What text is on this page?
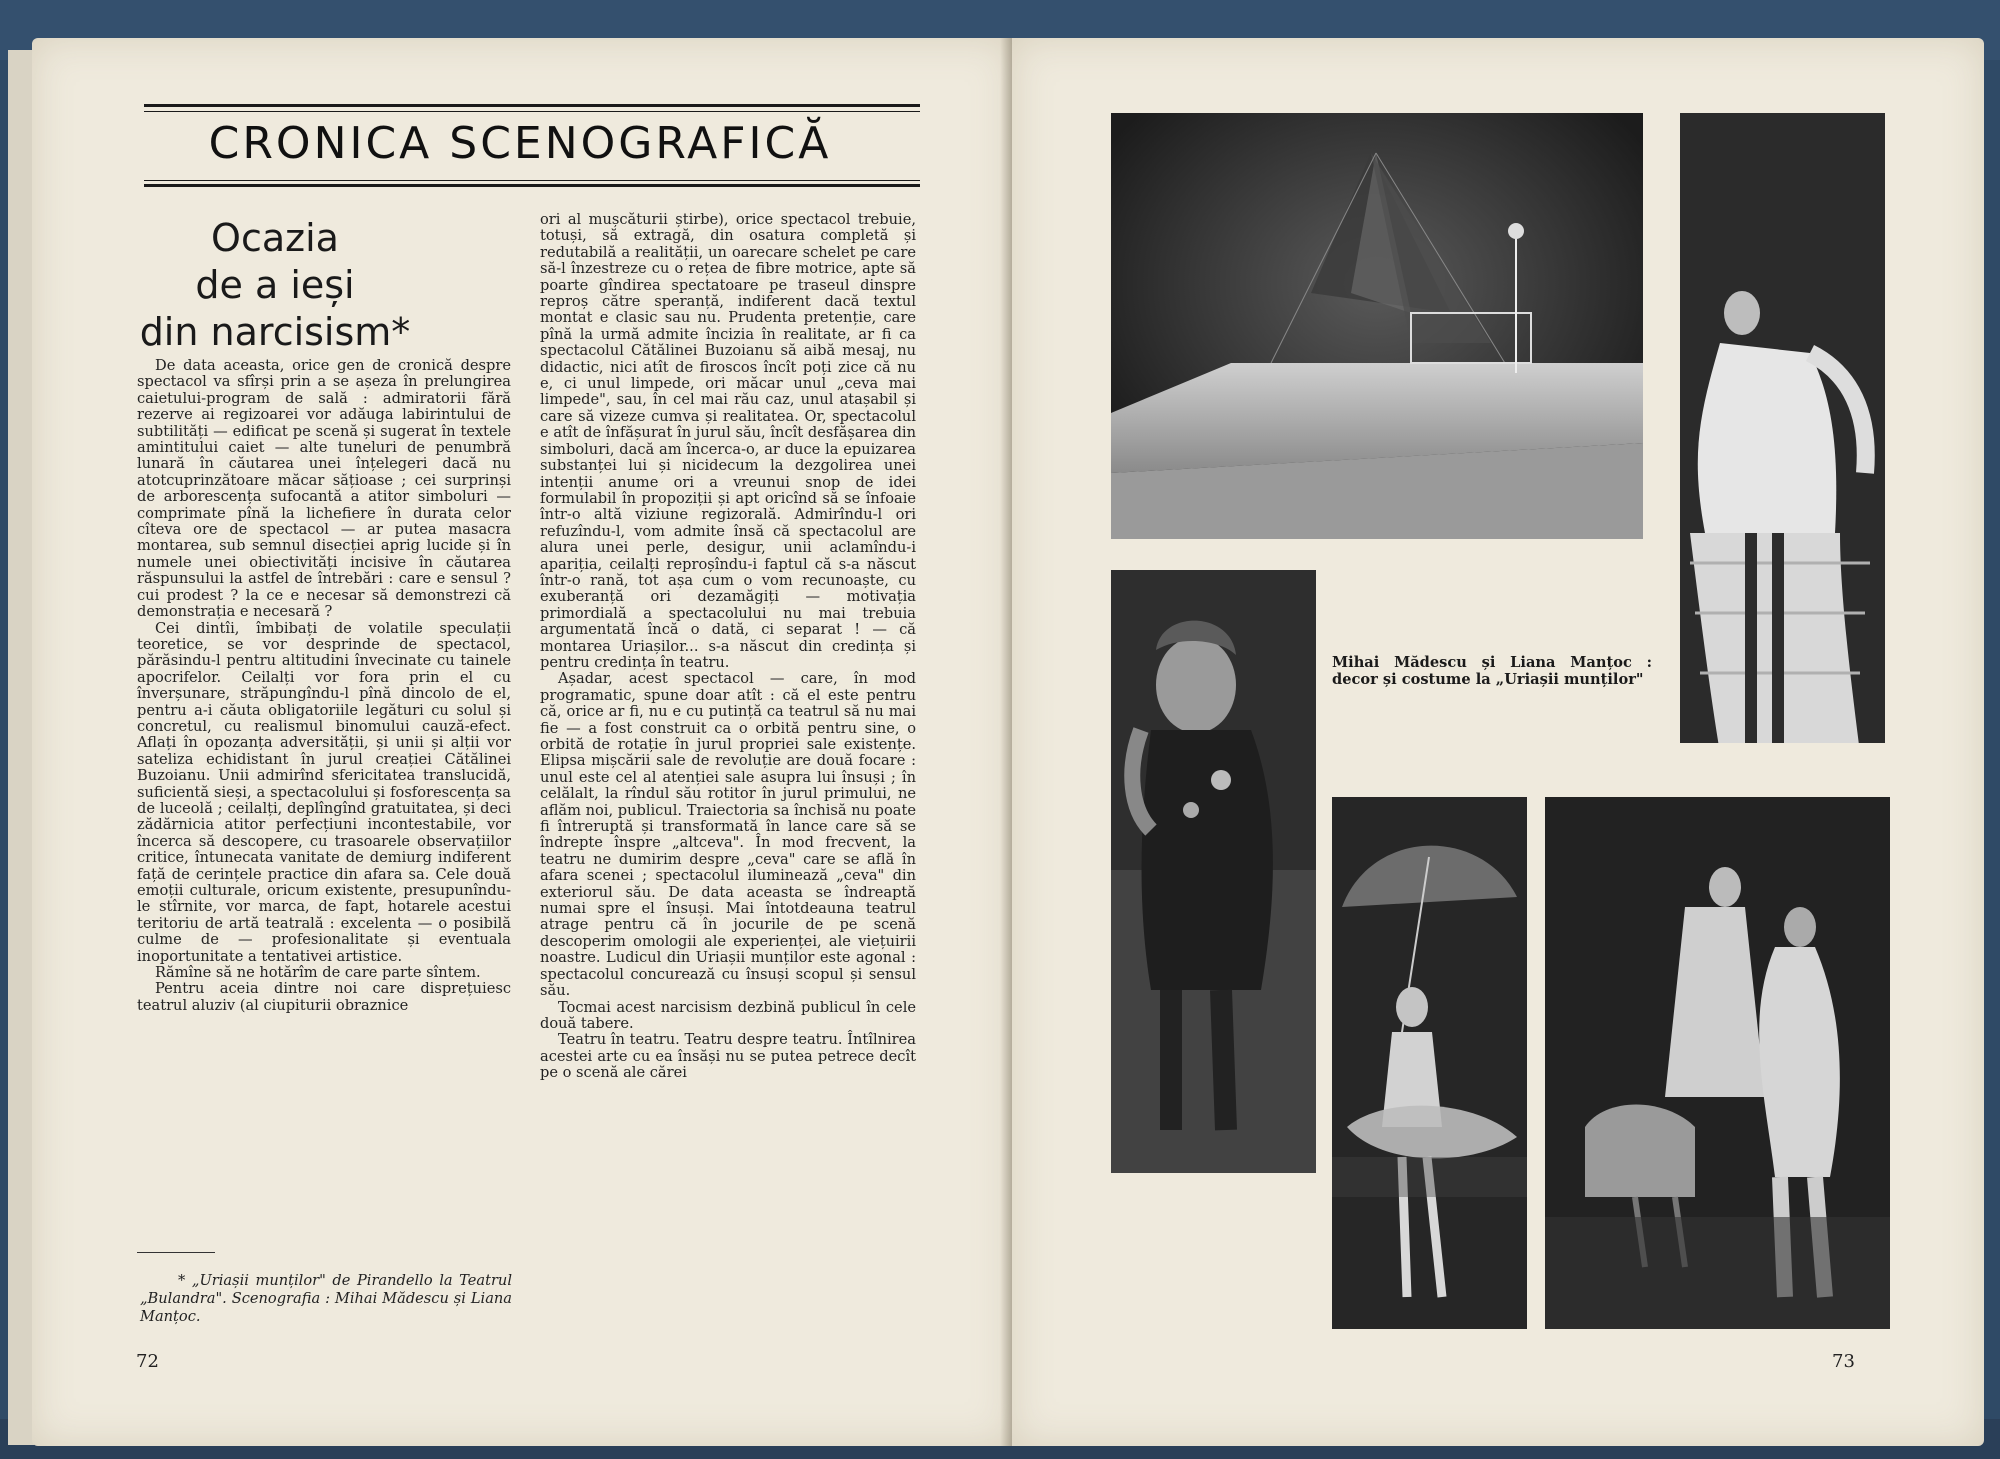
CRONICA SCENOGRAFICĂ
Ocazia
de a ieși
din narcisism*

De data aceasta, orice gen de cronică despre spectacol va sfîrși prin a se așeza în prelungirea caietului-program de sală : admiratorii fără rezerve ai regizoarei vor adăuga labirintului de subtilități — edificat pe scenă și sugerat în textele amintitului caiet — alte tuneluri de penumbră lunară în căutarea unei înțelegeri dacă nu atotcuprinzătoare măcar sățioase ; cei surprinși de arborescența sufocantă a atitor simboluri — comprimate pînă la lichefiere în durata celor cîteva ore de spectacol — ar putea masacra montarea, sub semnul disecției aprig lucide și în numele unei obiectivități incisive în căutarea răspunsului la astfel de întrebări : care e sensul ? cui prodest ? la ce e necesar să demonstrezi că demonstrația e necesară ?

Cei dintîi, îmbibați de volatile speculații teoretice, se vor desprinde de spectacol, părăsindu-l pentru altitudini învecinate cu tainele apocrifelor. Ceilalți vor fora prin el cu înverșunare, străpungîndu-l pînă dincolo de el, pentru a-i căuta obligatoriile legături cu solul și concretul, cu realismul binomului cauză-efect. Aflați în opozanța adversității, și unii și alții vor sateliza echidistant în jurul creației Cătălinei Buzoianu. Unii admirînd sfericitatea translucidă, suficientă sieși, a spectacolului și fosforescența sa de luceolă ; ceilalți, deplîngînd gratuitatea, și deci zădărnicia atitor perfecțiuni incontestabile, vor încerca să descopere, cu trasoarele observațiilor critice, întunecata vanitate de demiurg indiferent față de cerințele practice din afara sa. Cele două emoții culturale, oricum existente, presupunîndu-le stîrnite, vor marca, de fapt, hotarele acestui teritoriu de artă teatrală : excelenta — o posibilă culme de — profesionalitate și eventuala inoportunitate a tentativei artistice.

Rămîne să ne hotărîm de care parte sîntem.

Pentru aceia dintre noi care disprețuiesc teatrul aluziv (al ciupiturii obraznice

* „Uriașii munților" de Pirandello la Teatrul „Bulandra". Scenografia : Mihai Mădescu și Liana Manțoc.

ori al mușcăturii știrbe), orice spectacol trebuie, totuși, să extragă, din osatura completă și redutabilă a realității, un oarecare schelet pe care să-l înzestreze cu o rețea de fibre motrice, apte să poarte gîndirea spectatoare pe traseul dinspre reproș către speranță, indiferent dacă textul montat e clasic sau nu. Prudenta pretenție, care pînă la urmă admite încizia în realitate, ar fi ca spectacolul Cătălinei Buzoianu să aibă mesaj, nu didactic, nici atît de firoscos încît poți zice că nu e, ci unul limpede, ori măcar unul „ceva mai limpede", sau, în cel mai rău caz, unul atașabil și care să vizeze cumva și realitatea. Or, spectacolul e atît de înfășurat în jurul său, încît desfășarea din simboluri, dacă am încerca-o, ar duce la epuizarea substanței lui și nicidecum la dezgolirea unei intenții anume ori a vreunui snop de idei formulabil în propoziții și apt oricînd să se înfoaie într-o altă viziune regizorală. Admirîndu-l ori refuzîndu-l, vom admite însă că spectacolul are alura unei perle, desigur, unii aclamîndu-i apariția, ceilalți reproșîndu-i faptul că s-a născut într-o rană, tot așa cum o vom recunoaște, cu exuberanță ori dezamăgiți — motivația primordială a spectacolului nu mai trebuia argumentată încă o dată, ci separat ! — că montarea Uriașilor... s-a născut din credința și pentru credința în teatru.

Așadar, acest spectacol — care, în mod programatic, spune doar atît : că el este pentru că, orice ar fi, nu e cu putință ca teatrul să nu mai fie — a fost construit ca o orbită pentru sine, o orbită de rotație în jurul propriei sale existențe. Elipsa mișcării sale de revoluție are două focare : unul este cel al atenției sale asupra lui însuși ; în celălalt, la rîndul său rotitor în jurul primului, ne aflăm noi, publicul. Traiectoria sa închisă nu poate fi întreruptă și transformată în lance care să se îndrepte înspre „altceva". În mod frecvent, la teatru ne dumirim despre „ceva" care se află în afara scenei ; spectacolul iluminează „ceva" din exteriorul său. De data aceasta se îndreaptă numai spre el însuși. Mai întotdeauna teatrul atrage pentru că în jocurile de pe scenă descoperim omologii ale experienței, ale viețuirii noastre. Ludicul din Uriașii munților este agonal : spectacolul concurează cu însuși scopul și sensul său.

Tocmai acest narcisism dezbină publicul în cele două tabere.

Teatru în teatru. Teatru despre teatru. Întîlnirea acestei arte cu ea însăși nu se putea petrece decît pe o scenă ale cărei

72
Mihai Mădescu și Liana Manțoc : decor și costume la „Uriașii munților"
73
